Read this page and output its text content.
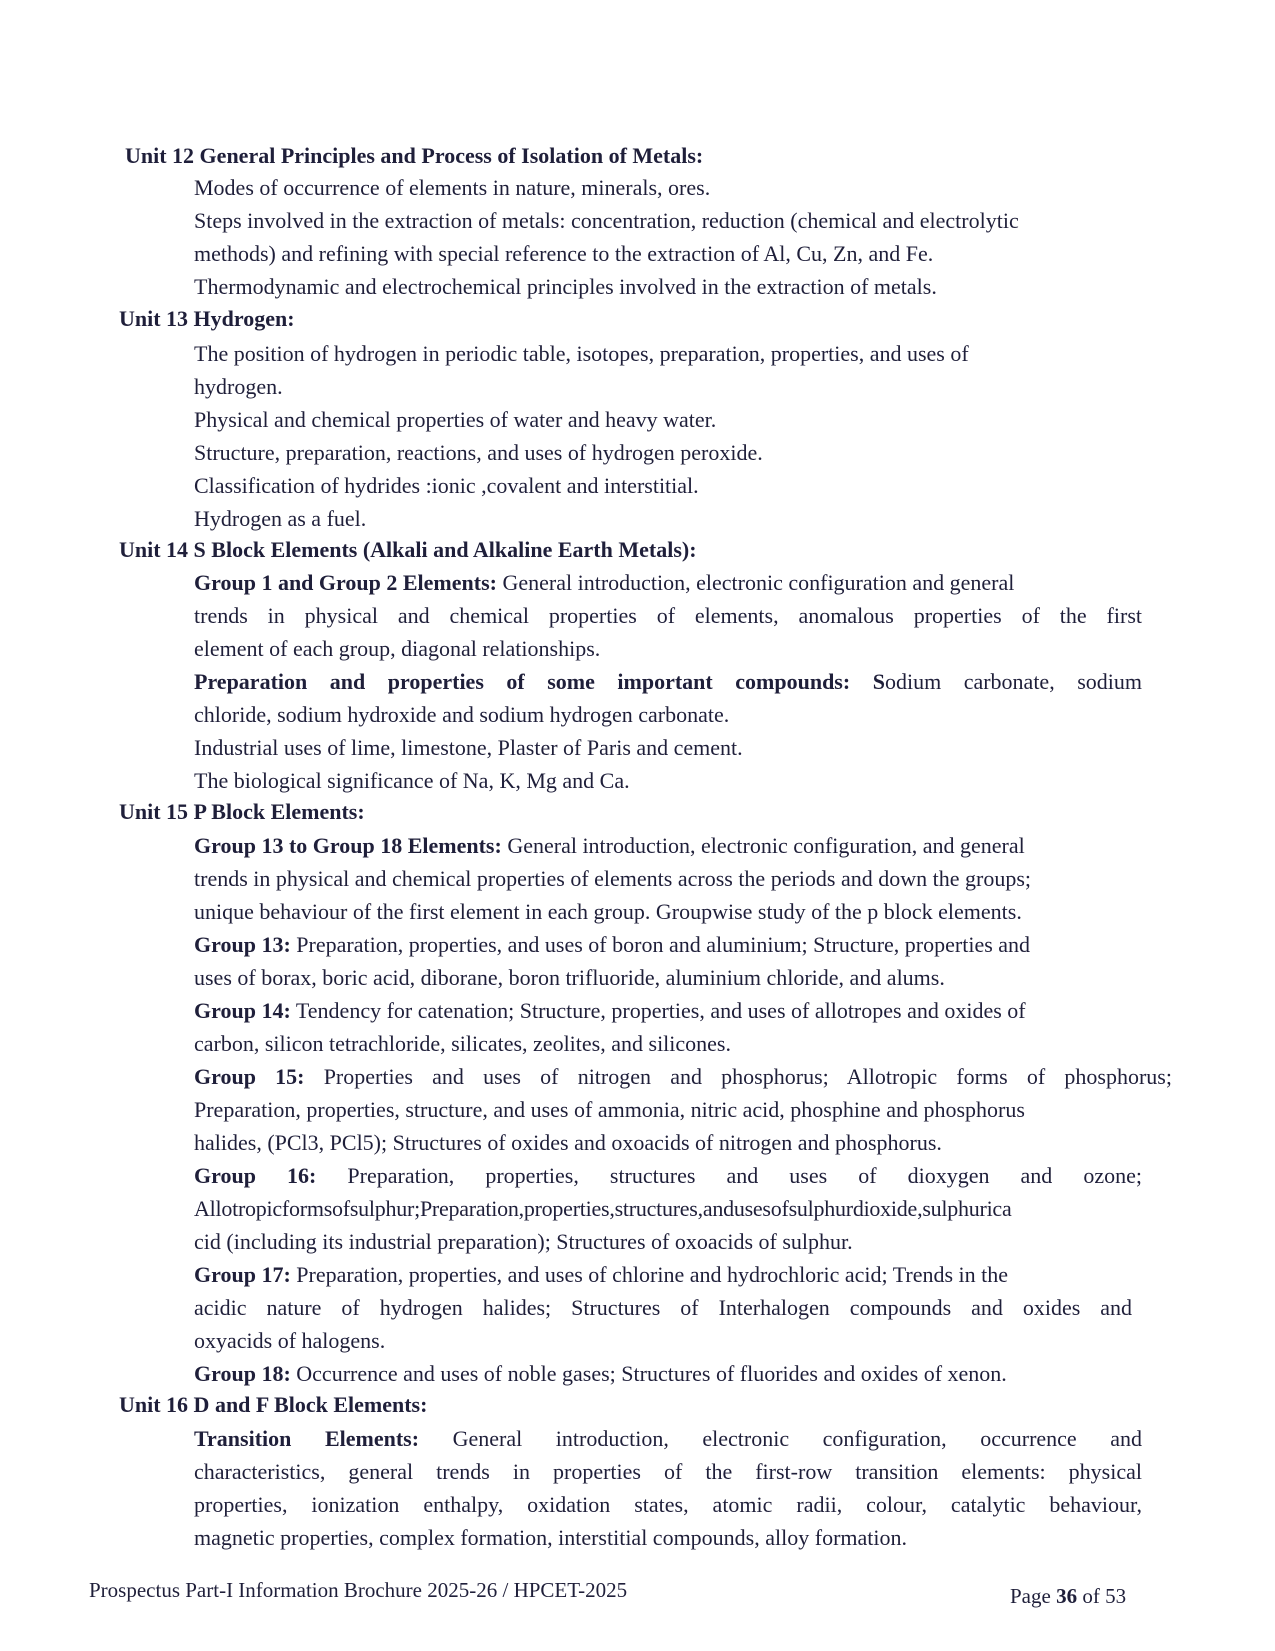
Unit 12 General Principles and Process of Isolation of Metals:
Modes of occurrence of elements in nature, minerals, ores.
Steps involved in the extraction of metals: concentration, reduction (chemical and electrolytic
methods) and refining with special reference to the extraction of Al, Cu, Zn, and Fe.
Thermodynamic and electrochemical principles involved in the extraction of metals.
Unit 13 Hydrogen:
The position of hydrogen in periodic table, isotopes, preparation, properties, and uses of
hydrogen.
Physical and chemical properties of water and heavy water.
Structure, preparation, reactions, and uses of hydrogen peroxide.
Classification of hydrides :ionic ,covalent and interstitial.
Hydrogen as a fuel.
Unit 14 S Block Elements (Alkali and Alkaline Earth Metals):
Group 1 and Group 2 Elements: General introduction, electronic configuration and general
trends in physical and chemical properties of elements, anomalous properties of the first
element of each group, diagonal relationships.
Preparation and properties of some important compounds: Sodium carbonate, sodium
chloride, sodium hydroxide and sodium hydrogen carbonate.
Industrial uses of lime, limestone, Plaster of Paris and cement.
The biological significance of Na, K, Mg and Ca.
Unit 15 P Block Elements:
Group 13 to Group 18 Elements: General introduction, electronic configuration, and general
trends in physical and chemical properties of elements across the periods and down the groups;
unique behaviour of the first element in each group. Groupwise study of the p block elements.
Group 13: Preparation, properties, and uses of boron and aluminium; Structure, properties and
uses of borax, boric acid, diborane, boron trifluoride, aluminium chloride, and alums.
Group 14: Tendency for catenation; Structure, properties, and uses of allotropes and oxides of
carbon, silicon tetrachloride, silicates, zeolites, and silicones.
Group 15: Properties and uses of nitrogen and phosphorus; Allotropic forms of phosphorus;
Preparation, properties, structure, and uses of ammonia, nitric acid, phosphine and phosphorus
halides, (PCl3, PCl5); Structures of oxides and oxoacids of nitrogen and phosphorus.
Group 16: Preparation, properties, structures and uses of dioxygen and ozone;
Allotropicformsofsulphur;Preparation,properties,structures,andusesofsulphurdioxide,sulphurica
cid (including its industrial preparation); Structures of oxoacids of sulphur.
Group 17: Preparation, properties, and uses of chlorine and hydrochloric acid; Trends in the
acidic nature of hydrogen halides; Structures of Interhalogen compounds and oxides and
oxyacids of halogens.
Group 18: Occurrence and uses of noble gases; Structures of fluorides and oxides of xenon.
Unit 16 D and F Block Elements:
Transition Elements: General introduction, electronic configuration, occurrence and
characteristics, general trends in properties of the first-row transition elements: physical
properties, ionization enthalpy, oxidation states, atomic radii, colour, catalytic behaviour,
magnetic properties, complex formation, interstitial compounds, alloy formation.
Prospectus Part-I Information Brochure 2025-26 / HPCET-2025	Page 36 of 53
